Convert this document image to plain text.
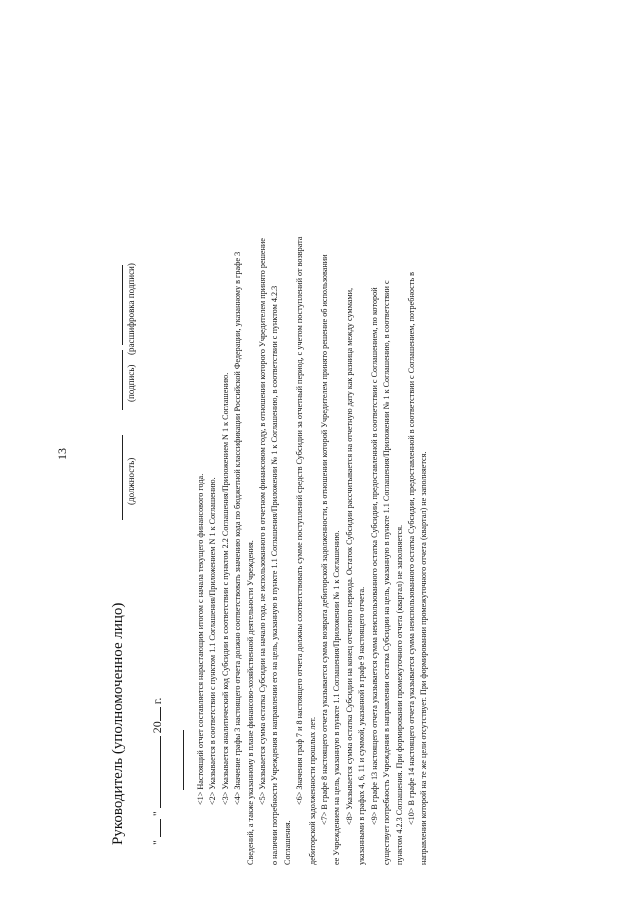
13
Руководитель (уполномоченное лицо)
(должность)
(подпись)
(расшифровка подписи)
"  "  20 г.	<1> Настоящий отчет составляется нарастающим итогом с начала текущего финансового года. <2> Указывается в соответствии с пунктом 1.1 Соглашения/Приложением N 1 к Соглашению. <3> Указывается аналитический код Субсидии в соответствии с пунктом 2.2 Соглашения/Приложением N 1 к Соглашению. <4> Значение графы 3 настоящего отчета должно соответствовать значению кода по бюджетной классификации Российской Федерации, указанному в графе 3 Сведений, а также указанному в плане финансово-хозяйственной деятельности Учреждения. <5> Указывается сумма остатка Субсидии на начало года, не использованного в отчетном финансовом году, в отношении которого Учредителем принято решение о наличии потребности Учреждения в направлении его на цель, указанную в пункте 1.1 Соглашения/Приложении № 1 к Соглашению, в соответствии с пунктом 4.2.3 Соглашения.

<6> Значения граф 7 и 8 настоящего отчета должны соответствовать сумме поступлений средств Субсидии за отчетный период, с учетом поступлений от возврата дебиторской задолженности прошлых лет. <7> В графе 8 настоящего отчета указывается сумма возврата дебиторской задолженности, в отношении которой Учредителем принято решение об использовании ее Учреждением на цель, указанную в пункте 1.1 Соглашения/Приложении № 1 к Соглашению. <8> Указывается сумма остатка Субсидии на конец отчетного периода. Остаток Субсидии рассчитывается на отчетную дату как разница между суммами, указанными в графах 4, 6, 11 и суммой, указанной в графе 9 настоящего отчета. <9> В графе 13 настоящего отчета указывается сумма неиспользованного остатка Субсидии, предоставленной в соответствии с Соглашением, по которой существует потребность Учреждения в направлении остатка Субсидии на цель, указанную в пункте 1.1 Соглашения/Приложении № 1 к Соглашению, в соответствии с пунктом 4.2.3 Соглашения. При формировании промежуточного отчета (квартал) не заполняется. <10> В графе 14 настоящего отчета указывается сумма неиспользованного остатка Субсидии, предоставленной в соответствии с Соглашением, потребность в направлении которой на те же цели отсутствует. При формировании промежуточного отчета (квартал) не заполняется.
